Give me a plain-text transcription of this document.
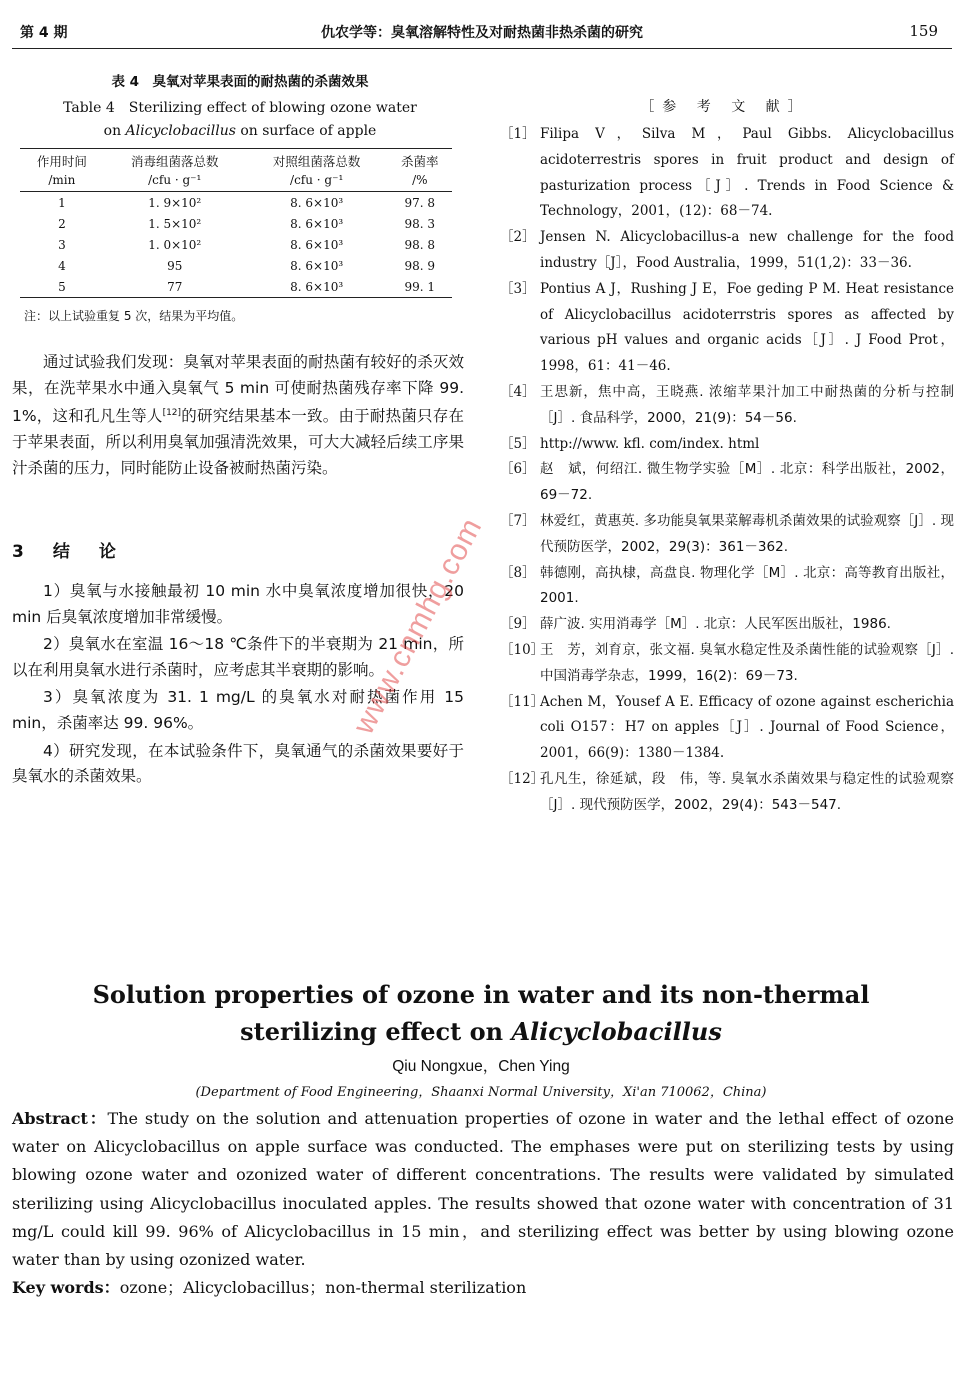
第 4 期	仇农学等：臭氧溶解特性及对耐热菌非热杀菌的研究	159
表 4　臭氧对苹果表面的耐热菌的杀菌效果
Table 4　Sterilizing effect of blowing ozone water
on Alicyclobacillus on surface of apple
作用时间	消毒组菌落总数	对照组菌落总数	杀菌率
/min	/cfu · g⁻¹	/cfu · g⁻¹	/%
1	1. 9×10²	8. 6×10³	97. 8
2	1. 5×10²	8. 6×10³	98. 3
3	1. 0×10²	8. 6×10³	98. 8
4	95	8. 6×10³	98. 9
5	77	8. 6×10³	99. 1
注：以上试验重复 5 次，结果为平均值。

通过试验我们发现：臭氧对苹果表面的耐热菌有较好的杀灭效果，在洗苹果水中通入臭氧气 5 min 可使耐热菌残存率下降 99. 1%，这和孔凡生等人[12]的研究结果基本一致。由于耐热菌只存在于苹果表面，所以利用臭氧加强清洗效果，可大大减轻后续工序果汁杀菌的压力，同时能防止设备被耐热菌污染。

3　结　论

1）臭氧与水接触最初 10 min 水中臭氧浓度增加很快，20 min 后臭氧浓度增加非常缓慢。

2）臭氧水在室温 16～18 ℃条件下的半衰期为 21 min，所以在利用臭氧水进行杀菌时，应考虑其半衰期的影响。

3）臭氧浓度为 31. 1 mg/L 的臭氧水对耐热菌作用 15 min，杀菌率达 99. 96%。

4）研究发现，在本试验条件下，臭氧通气的杀菌效果要好于臭氧水的杀菌效果。

［参 考 文 献］
［1］ Filipa V，Silva M，Paul Gibbs. Alicyclobacillus acidoterrestris spores in fruit product and design of pasturization process［J］. Trends in Food Science & Technology，2001，(12)：68－74.
［2］ Jensen N. Alicyclobacillus-a new challenge for the food industry［J］，Food Australia，1999，51(1,2)：33－36.
［3］ Pontius A J，Rushing J E，Foe geding P M. Heat resistance of Alicyclobacillus acidoterrstris spores as affected by various pH values and organic acids［J］. J Food Prot，1998，61：41－46.
［4］ 王思新，焦中高，王晓燕. 浓缩苹果汁加工中耐热菌的分析与控制［J］. 食品科学，2000，21(9)：54－56.
［5］ http://www. kfl. com/index. html
［6］ 赵　斌，何绍江. 微生物学实验［M］. 北京：科学出版社，2002，69－72.
［7］ 林爱红，黄惠英. 多功能臭氧果菜解毒机杀菌效果的试验观察［J］. 现代预防医学，2002，29(3)：361－362.
［8］ 韩德刚，高执棣，高盘良. 物理化学［M］. 北京：高等教育出版社，2001.
［9］ 薛广波. 实用消毒学［M］. 北京：人民军医出版社，1986.
［10］
王　芳，刘育京，张文福. 臭氧水稳定性及杀菌性能的试验观察［J］. 中国消毒学杂志，1999，16(2)：69－73.
［11］
Achen M，Yousef A E. Efficacy of ozone against escherichia coli O157：H7 on apples［J］. Journal of Food Science，2001，66(9)：1380－1384.
［12］
孔凡生，徐延斌，段　伟，等. 臭氧水杀菌效果与稳定性的试验观察［J］. 现代预防医学，2002，29(4)：543－547.
www.cnmhg.com
Solution properties of ozone in water and its non-thermal
sterilizing effect on Alicyclobacillus
Qiu Nongxue，Chen Ying
(Department of Food Engineering，Shaanxi Normal University，Xi'an 710062，China)
Abstract：The study on the solution and attenuation properties of ozone in water and the lethal effect of ozone water on Alicyclobacillus on apple surface was conducted. The emphases were put on sterilizing tests by using blowing ozone water and ozonized water of different concentrations. The results were validated by simulated sterilizing using Alicyclobacillus inoculated apples. The results showed that ozone water with concentration of 31 mg/L could kill 99. 96% of Alicyclobacillus in 15 min，and sterilizing effect was better by using blowing ozone water than by using ozonized water.
Key words：ozone；Alicyclobacillus；non-thermal sterilization
